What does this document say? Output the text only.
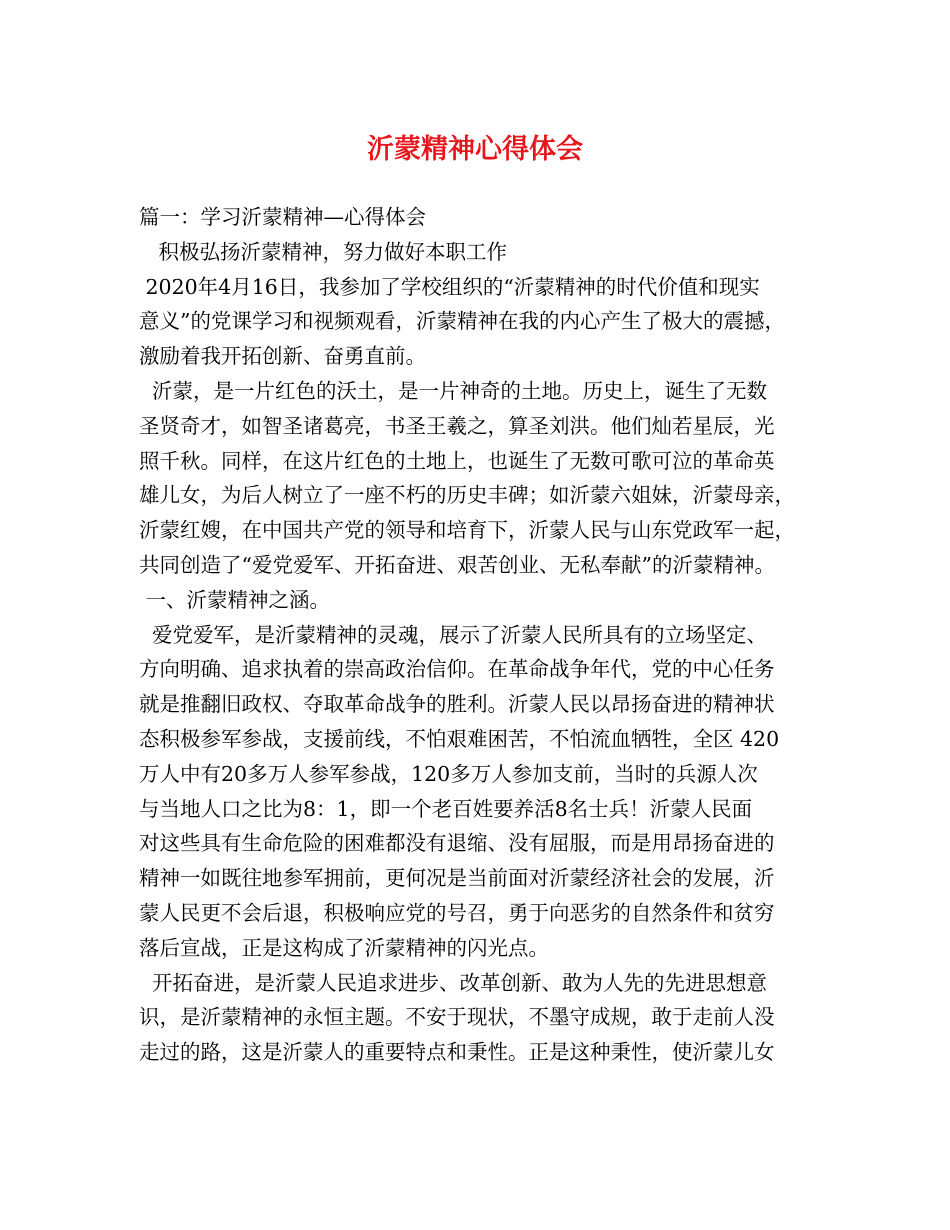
沂蒙精神心得体会
篇一：学习沂蒙精神—心得体会
积极弘扬沂蒙精神，努力做好本职工作
2020年4月16日，我参加了学校组织的“沂蒙精神的时代价值和现实
意义”的党课学习和视频观看，沂蒙精神在我的内心产生了极大的震撼，
激励着我开拓创新、奋勇直前。
沂蒙，是一片红色的沃土，是一片神奇的土地。历史上，诞生了无数
圣贤奇才，如智圣诸葛亮，书圣王羲之，算圣刘洪。他们灿若星辰，光
照千秋。同样，在这片红色的土地上，也诞生了无数可歌可泣的革命英
雄儿女，为后人树立了一座不朽的历史丰碑；如沂蒙六姐妹，沂蒙母亲，
沂蒙红嫂，在中国共产党的领导和培育下，沂蒙人民与山东党政军一起，
共同创造了“爱党爱军、开拓奋进、艰苦创业、无私奉献”的沂蒙精神。
一、沂蒙精神之涵。
爱党爱军，是沂蒙精神的灵魂，展示了沂蒙人民所具有的立场坚定、
方向明确、追求执着的崇高政治信仰。在革命战争年代，党的中心任务
就是推翻旧政权、夺取革命战争的胜利。沂蒙人民以昂扬奋进的精神状
态积极参军参战，支援前线，不怕艰难困苦，不怕流血牺牲，全区 420
万人中有20多万人参军参战，120多万人参加支前，当时的兵源人次
与当地人口之比为8：1，即一个老百姓要养活8名士兵！沂蒙人民面
对这些具有生命危险的困难都没有退缩、没有屈服，而是用昂扬奋进的
精神一如既往地参军拥前，更何况是当前面对沂蒙经济社会的发展，沂
蒙人民更不会后退，积极响应党的号召，勇于向恶劣的自然条件和贫穷
落后宣战，正是这构成了沂蒙精神的闪光点。
开拓奋进，是沂蒙人民追求进步、改革创新、敢为人先的先进思想意
识，是沂蒙精神的永恒主题。不安于现状，不墨守成规，敢于走前人没
走过的路，这是沂蒙人的重要特点和秉性。正是这种秉性，使沂蒙儿女
